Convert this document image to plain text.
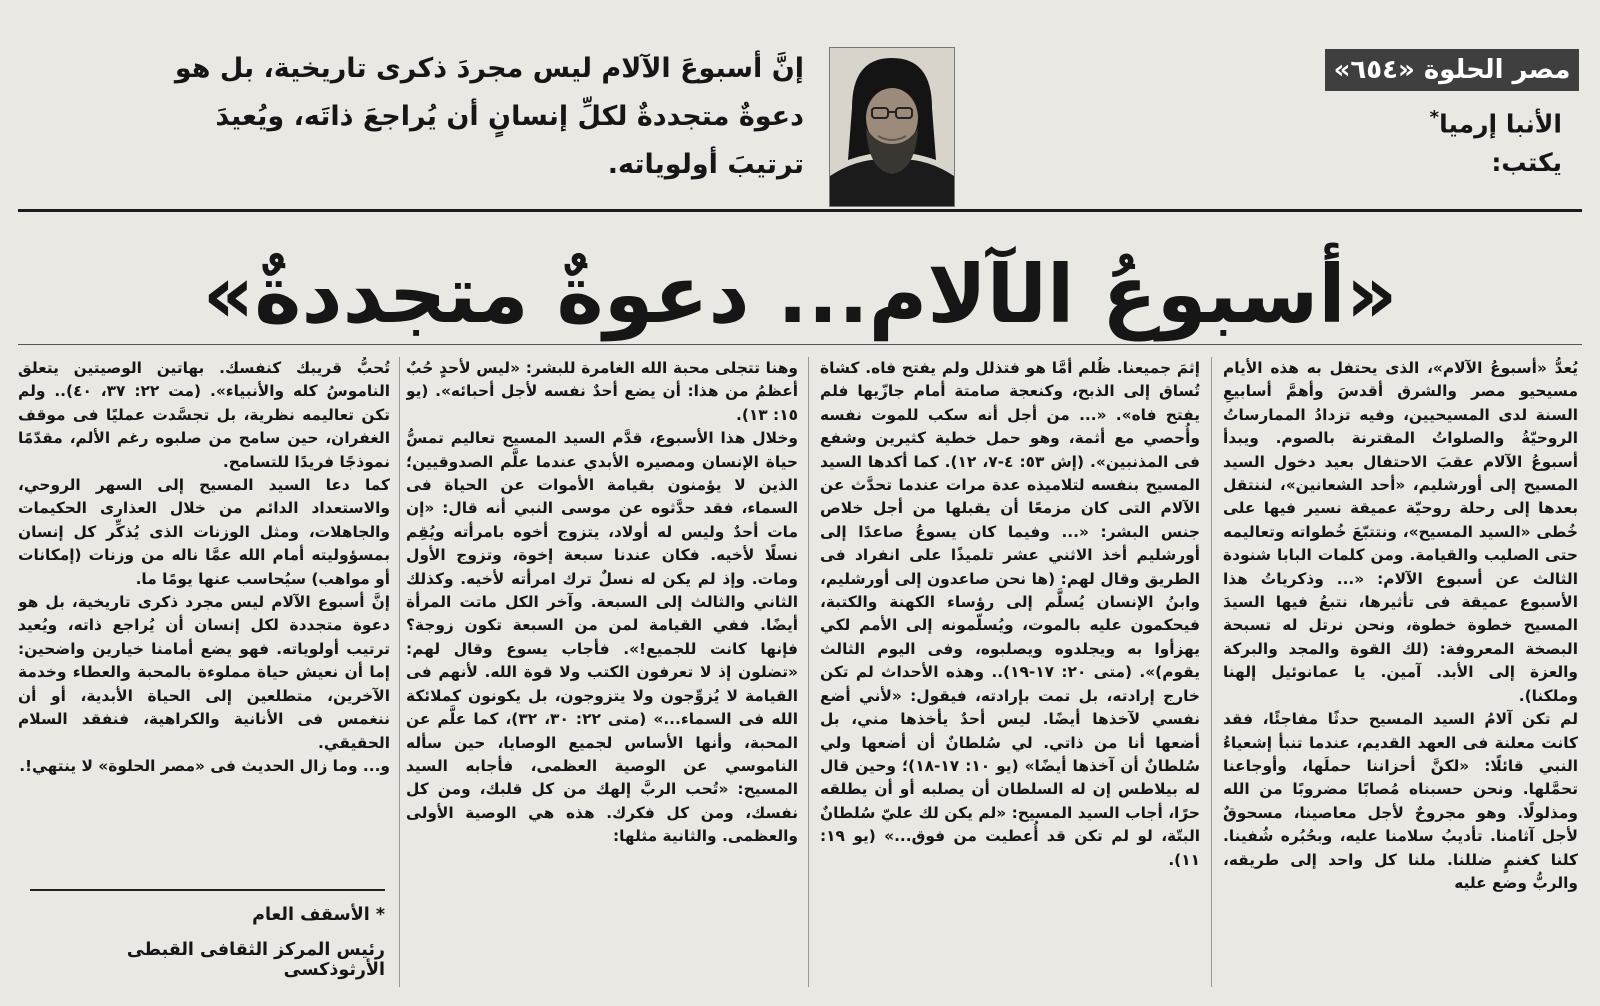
مصر الحلوة «٦٥٤»
الأنبا إرميا*
يكتب:
إنَّ أسبوعَ الآلام ليس مجردَ ذكرى تاريخية، بل هو دعوةٌ متجددةٌ لكلِّ إنسانٍ أن يُراجعَ ذاتَه، ويُعيدَ ترتيبَ أولوياته.
«أسبوعُ الآلام... دعوةٌ متجددةٌ»

يُعدُّ «أسبوعُ الآلام»، الذى يحتفل به هذه الأيام مسيحيو مصر والشرق أقدسَ وأهمَّ أسابيعِ السنة لدى المسيحيين، وفيه تزدادُ الممارساتُ الروحيّةُ والصلواتُ المقترنة بالصوم. ويبدأ أسبوعُ الآلام عقبَ الاحتفال بعيد دخول السيد المسيح إلى أورشليم، «أحد الشعانين»، لننتقل بعدها إلى رحلة روحيّة عميقة نسير فيها على خُطى «السيد المسيح»، ونتتبّعَ خُطواته وتعاليمه حتى الصليب والقيامة. ومن كلمات البابا شنودة الثالث عن أسبوع الآلام: «... وذكرياتُ هذا الأسبوع عميقة فى تأثيرها، نتبعُ فيها السيدَ المسيح خطوة خطوة، ونحن نرتل له تسبحة البصخة المعروفة: (لك القوة والمجد والبركة والعزة إلى الأبد. آمين. يا عمانوئيل إلهنا وملكنا).
لم تكن آلامُ السيد المسيح حدثًا مفاجئًا، فقد كانت معلنة فى العهد القديم، عندما تنبأ إشعياءُ النبي قائلًا: «لكنَّ أحزاننا حملَها، وأوجاعنا تحمَّلها. ونحن حسبناه مُصابًا مضروبًا من الله ومذلولًا. وهو مجروحٌ لأجل معاصينا، مسحوقٌ لأجل آثامنا. تأديبُ سلامنا عليه، وبحُبُره شُفينا. كلنا كغنمٍ ضللنا. ملنا كل واحد إلى طريقه، والربُّ وضع عليه

إثمَ جميعنا. ظُلم أمَّا هو فتذلل ولم يفتح فاه. كشاة تُساق إلى الذبح، وكنعجة صامتة أمام جازّيها فلم يفتح فاه». «... من أجل أنه سكب للموت نفسه وأُحصي مع أثمة، وهو حمل خطية كثيرين وشفع فى المذنبين». (إش ٥٣: ٤-٧، ١٢). كما أكدها السيد المسيح بنفسه لتلاميذه عدة مرات عندما تحدَّث عن الآلام التى كان مزمعًا أن يقبلها من أجل خلاص جنس البشر: «... وفيما كان يسوعُ صاعدًا إلى أورشليم أخذ الاثني عشر تلميذًا على انفراد فى الطريق وقال لهم: (ها نحن صاعدون إلى أورشليم، وابنُ الإنسان يُسلَّم إلى رؤساء الكهنة والكتبة، فيحكمون عليه بالموت، ويُسلّمونه إلى الأمم لكي يهزأوا به ويجلدوه ويصلبوه، وفى اليوم الثالث يقوم)». (متى ٢٠: ١٧-١٩).. وهذه الأحداث لم تكن خارج إرادته، بل تمت بإرادته، فيقول: «لأني أضع نفسي لآخذها أيضًا. ليس أحدٌ يأخذها مني، بل أضعها أنا من ذاتي. لي سُلطانٌ أن أضعها ولي سُلطانٌ أن آخذها أيضًا» (يو ١٠: ١٧-١٨)؛ وحين قال له بيلاطس إن له السلطان أن يصلبه أو أن يطلقه حرًا، أجاب السيد المسيح: «لم يكن لك عليّ سُلطانٌ البتّة، لو لم تكن قد أُعطيت من فوق...» (يو ١٩: ١١).

وهنا تتجلى محبة الله الغامرة للبشر: «ليس لأحدٍ حُبٌ أعظمُ من هذا: أن يضع أحدٌ نفسه لأجل أحبائه». (يو ١٥: ١٣).
وخلال هذا الأسبوع، قدَّم السيد المسيح تعاليم تمسُّ حياة الإنسان ومصيره الأبدي عندما علَّم الصدوقيين؛ الذين لا يؤمنون بقيامة الأموات عن الحياة فى السماء، فقد حدَّثوه عن موسى النبي أنه قال: «إن مات أحدٌ وليس له أولاد، يتزوج أخوه بامرأته ويُقِم نسلًا لأخيه. فكان عندنا سبعة إخوة، وتزوج الأول ومات. وإذ لم يكن له نسلٌ ترك امرأته لأخيه. وكذلك الثاني والثالث إلى السبعة. وآخر الكل ماتت المرأة أيضًا. ففي القيامة لمن من السبعة تكون زوجة؟ فإنها كانت للجميع!». فأجاب يسوع وقال لهم: «تضلون إذ لا تعرفون الكتب ولا قوة الله. لأنهم فى القيامة لا يُزوِّجون ولا يتزوجون، بل يكونون كملائكة الله فى السماء...» (متى ٢٢: ٣٠، ٣٢)، كما علَّم عن المحبة، وأنها الأساس لجميع الوصايا، حين سأله الناموسي عن الوصية العظمى، فأجابه السيد المسيح: «تُحب الربَّ إلهك من كل قلبك، ومن كل نفسك، ومن كل فكرك. هذه هي الوصية الأولى والعظمى. والثانية مثلها:

تُحبُّ قريبك كنفسك. بهاتين الوصيتين يتعلق الناموسُ كله والأنبياء». (مت ٢٢: ٣٧، ٤٠).. ولم تكن تعاليمه نظرية، بل تجسَّدت عمليًا فى موقف الغفران، حين سامح من صلبوه رغم الألم، مقدّمًا نموذجًا فريدًا للتسامح.
كما دعا السيد المسيح إلى السهر الروحي، والاستعداد الدائم من خلال العذارى الحكيمات والجاهلات، ومثل الوزنات الذى يُذكِّر كل إنسان بمسؤوليته أمام الله عمَّا ناله من وزنات (إمكانات أو مواهب) سيُحاسب عنها يومًا ما.
إنَّ أسبوع الآلام ليس مجرد ذكرى تاريخية، بل هو دعوة متجددة لكل إنسان أن يُراجع ذاته، ويُعيد ترتيب أولوياته. فهو يضع أمامنا خيارين واضحين: إما أن نعيش حياة مملوءة بالمحبة والعطاء وخدمة الآخرين، متطلعين إلى الحياة الأبدية، أو أن ننغمس فى الأنانية والكراهية، فنفقد السلام الحقيقي.
و... وما زال الحديث فى «مصر الحلوة» لا ينتهي!.

* الأسقف العام
رئيس المركز الثقافى القبطى الأرثوذكسى
